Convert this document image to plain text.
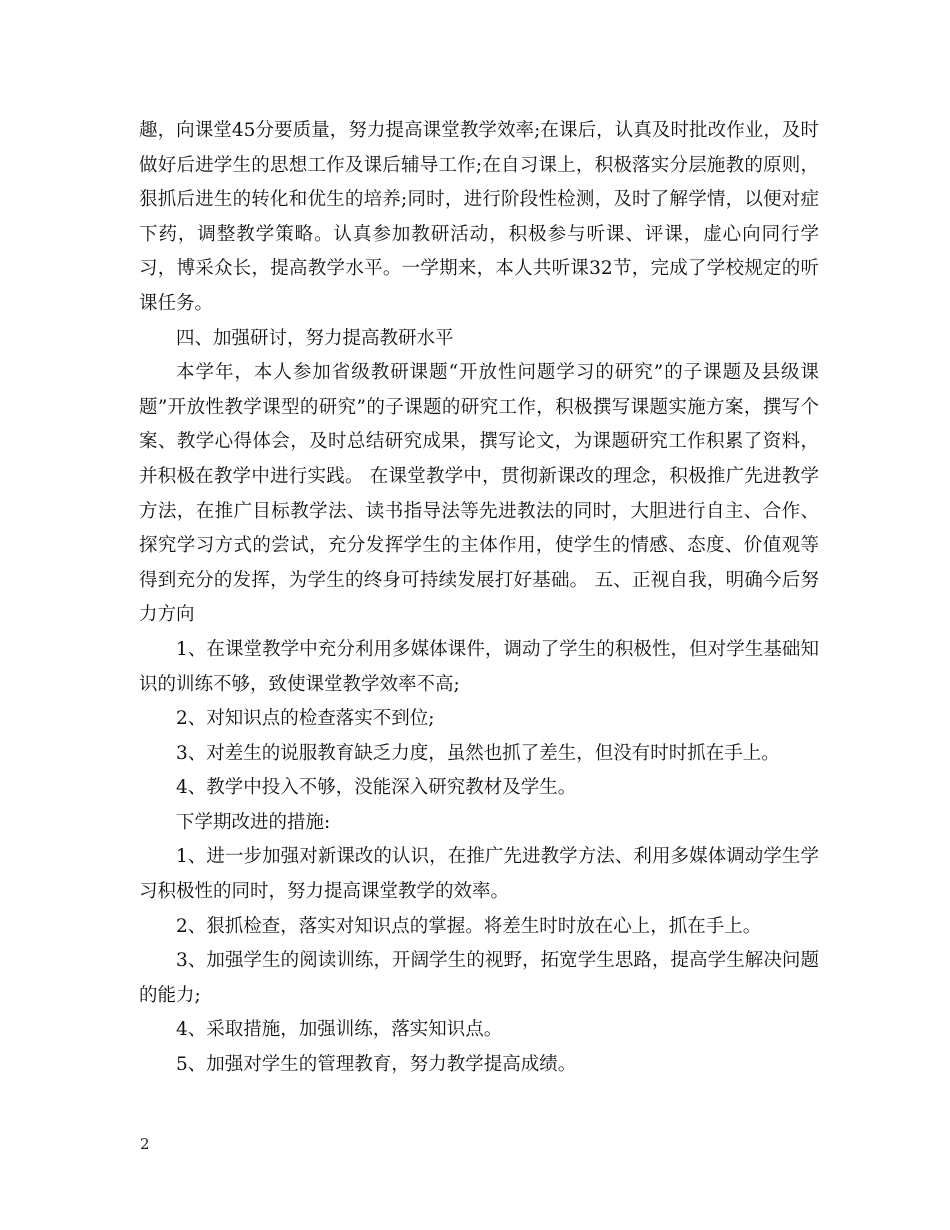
趣，向课堂45分要质量，努力提高课堂教学效率;在课后，认真及时批改作业，及时做好后进学生的思想工作及课后辅导工作;在自习课上，积极落实分层施教的原则，狠抓后进生的转化和优生的培养;同时，进行阶段性检测，及时了解学情，以便对症下药，调整教学策略。认真参加教研活动，积极参与听课、评课，虚心向同行学习，博采众长，提高教学水平。一学期来，本人共听课32节，完成了学校规定的听课任务。

四、加强研讨，努力提高教研水平

本学年，本人参加省级教研课题“开放性问题学习的研究”的子课题及县级课题”开放性教学课型的研究”的子课题的研究工作，积极撰写课题实施方案，撰写个案、教学心得体会，及时总结研究成果，撰写论文，为课题研究工作积累了资料，并积极在教学中进行实践。 在课堂教学中，贯彻新课改的理念，积极推广先进教学方法，在推广目标教学法、读书指导法等先进教法的同时，大胆进行自主、合作、探究学习方式的尝试，充分发挥学生的主体作用，使学生的情感、态度、价值观等得到充分的发挥，为学生的终身可持续发展打好基础。 五、正视自我，明确今后努力方向

1、在课堂教学中充分利用多媒体课件，调动了学生的积极性，但对学生基础知识的训练不够，致使课堂教学效率不高;

2、对知识点的检查落实不到位;

3、对差生的说服教育缺乏力度，虽然也抓了差生，但没有时时抓在手上。

4、教学中投入不够，没能深入研究教材及学生。

下学期改进的措施:

1、进一步加强对新课改的认识，在推广先进教学方法、利用多媒体调动学生学习积极性的同时，努力提高课堂教学的效率。

2、狠抓检查，落实对知识点的掌握。将差生时时放在心上，抓在手上。

3、加强学生的阅读训练，开阔学生的视野，拓宽学生思路，提高学生解决问题的能力;

4、采取措施，加强训练，落实知识点。

5、加强对学生的管理教育，努力教学提高成绩。

2
